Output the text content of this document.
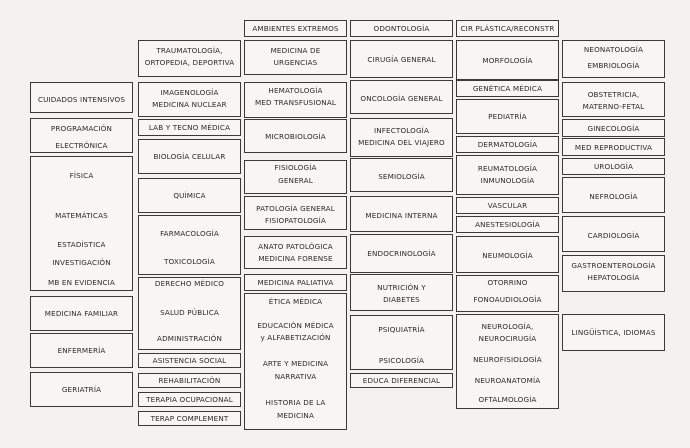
CUIDADOS INTENSIVOS
PROGRAMACIÓN
ELECTRÓNICA
FÍSICA
MATEMÁTICAS
ESTADÍSTICA
INVESTIGACIÓN
MB EN EVIDENCIA
MEDICINA FAMILIAR
ENFERMERÍA
GERIATRÍA
TRAUMATOLOGÍA,
ORTOPEDIA, DEPORTIVA
IMAGENOLOGÍA
MEDICINA NUCLEAR
LAB Y TECNO MÉDICA
BIOLOGÍA CELULAR
QUÍMICA
FARMACOLOGÍA
TOXICOLOGÍA
DERECHO MÉDICO
SALUD PÚBLICA
ADMINISTRACIÓN
ASISTENCIA SOCIAL
REHABILITACIÓN
TERAPIA OCUPACIONAL
TERAP COMPLEMENT
AMBIENTES EXTREMOS
MEDICINA DE
URGENCIAS
HEMATOLOGÍA
MED TRANSFUSIONAL
MICROBIOLOGÍA
FISIOLOGÍA
GENERAL
PATOLOGÍA GENERAL
FISIOPATOLOGÍA
ANATO PATOLÓGICA
MEDICINA FORENSE
MEDICINA PALIATIVA
ÉTICA MÉDICA
EDUCACIÓN MÉDICA
y ALFABETIZACIÓN
ARTE Y MEDICINA
NARRATIVA
HISTORIA DE LA
MEDICINA
ODONTOLOGÍA
CIRUGÍA GENERAL
ONCOLOGÍA GENERAL
INFECTOLOGÍA
MEDICINA DEL VIAJERO
SEMIOLOGÍA
MEDICINA INTERNA
ENDOCRINOLOGÍA
NUTRICIÓN Y
DIABETES
PSIQUIATRÍA
PSICOLOGÍA
EDUCA DIFERENCIAL
CIR PLÁSTICA/RECONSTR
MORFOLOGÍA
GENÉTICA MÉDICA
PEDIATRÍA
DERMATOLOGÍA
REUMATOLOGÍA
INMUNOLOGÍA
VASCULAR
ANESTESIOLOGÍA
NEUMOLOGÍA
OTORRINO
FONOAUDIOLOGÍA
NEUROLOGÍA,
NEUROCIRUGÍA
NEUROFISIOLOGÍA
NEUROANATOMÍA
OFTALMOLOGÍA
NEONATOLOGÍA
EMBRIOLOGÍA
OBSTETRICIA,
MATERNO-FETAL
GINECOLOGÍA
MED REPRODUCTIVA
UROLOGÍA
NEFROLOGÍA
CARDIOLOGÍA
GASTROENTEROLOGÍA
HEPATOLOGÍA
LINGÜÍSTICA, IDIOMAS
